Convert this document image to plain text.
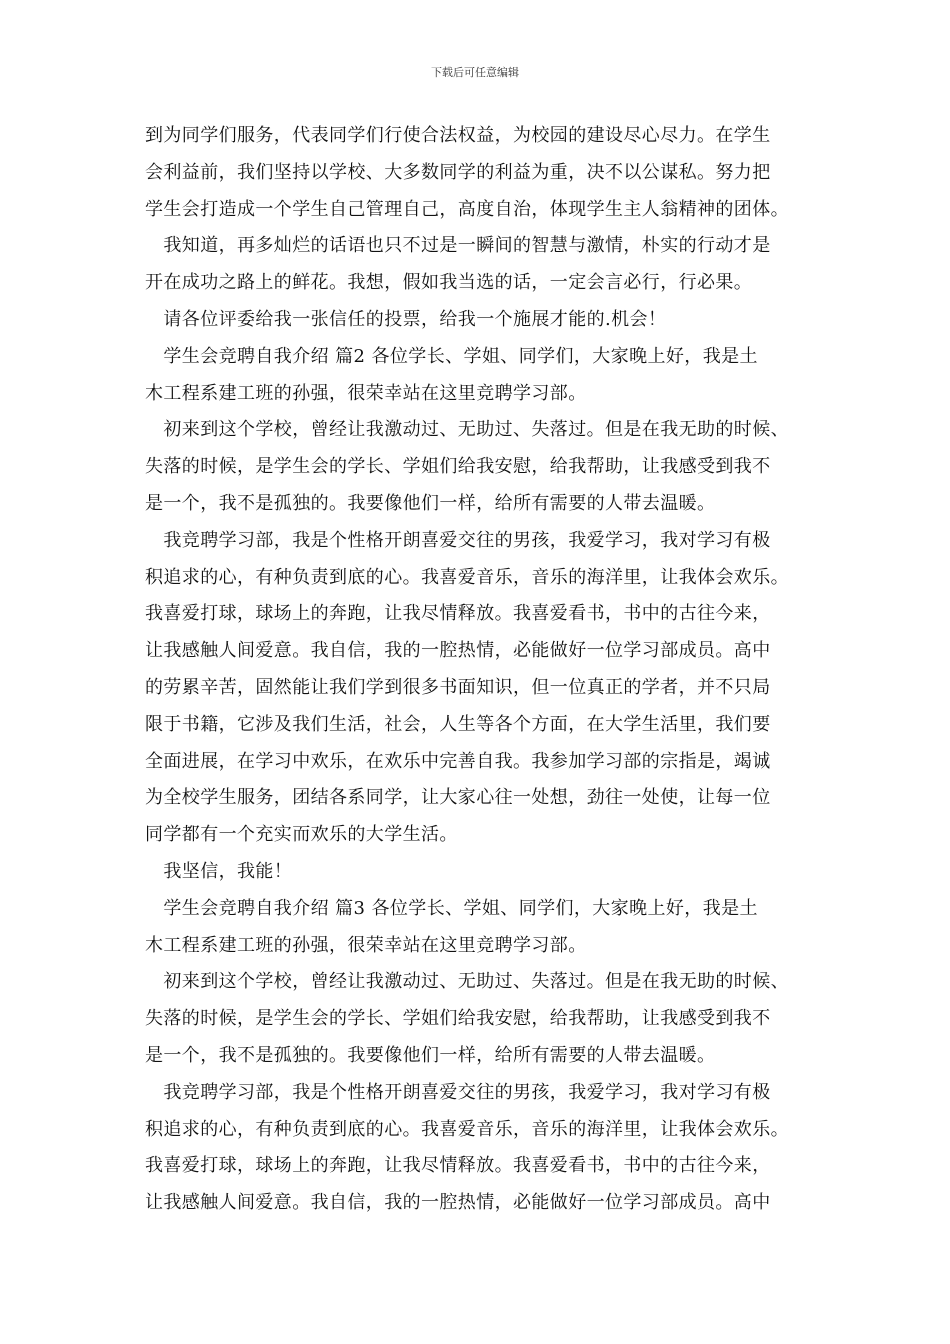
下载后可任意编辑
到为同学们服务，代表同学们行使合法权益，为校园的建设尽心尽力。在学生
会利益前，我们坚持以学校、大多数同学的利益为重，决不以公谋私。努力把
学生会打造成一个学生自己管理自己，高度自治，体现学生主人翁精神的团体。
　我知道，再多灿烂的话语也只不过是一瞬间的智慧与激情，朴实的行动才是
开在成功之路上的鲜花。我想，假如我当选的话，一定会言必行，行必果。
　请各位评委给我一张信任的投票，给我一个施展才能的.机会！
　学生会竞聘自我介绍 篇2 各位学长、学姐、同学们，大家晚上好，我是土
木工程系建工班的孙强，很荣幸站在这里竞聘学习部。
　初来到这个学校，曾经让我激动过、无助过、失落过。但是在我无助的时候、
失落的时候，是学生会的学长、学姐们给我安慰，给我帮助，让我感受到我不
是一个，我不是孤独的。我要像他们一样，给所有需要的人带去温暖。
　我竞聘学习部，我是个性格开朗喜爱交往的男孩，我爱学习，我对学习有极
积追求的心，有种负责到底的心。我喜爱音乐，音乐的海洋里，让我体会欢乐。
我喜爱打球，球场上的奔跑，让我尽情释放。我喜爱看书，书中的古往今来，
让我感触人间爱意。我自信，我的一腔热情，必能做好一位学习部成员。高中
的劳累辛苦，固然能让我们学到很多书面知识，但一位真正的学者，并不只局
限于书籍，它涉及我们生活，社会，人生等各个方面，在大学生活里，我们要
全面进展，在学习中欢乐，在欢乐中完善自我。我参加学习部的宗指是，竭诚
为全校学生服务，团结各系同学，让大家心往一处想，劲往一处使，让每一位
同学都有一个充实而欢乐的大学生活。
　我坚信，我能！
　学生会竞聘自我介绍 篇3 各位学长、学姐、同学们，大家晚上好，我是土
木工程系建工班的孙强，很荣幸站在这里竞聘学习部。
　初来到这个学校，曾经让我激动过、无助过、失落过。但是在我无助的时候、
失落的时候，是学生会的学长、学姐们给我安慰，给我帮助，让我感受到我不
是一个，我不是孤独的。我要像他们一样，给所有需要的人带去温暖。
　我竞聘学习部，我是个性格开朗喜爱交往的男孩，我爱学习，我对学习有极
积追求的心，有种负责到底的心。我喜爱音乐，音乐的海洋里，让我体会欢乐。
我喜爱打球，球场上的奔跑，让我尽情释放。我喜爱看书，书中的古往今来，
让我感触人间爱意。我自信，我的一腔热情，必能做好一位学习部成员。高中
